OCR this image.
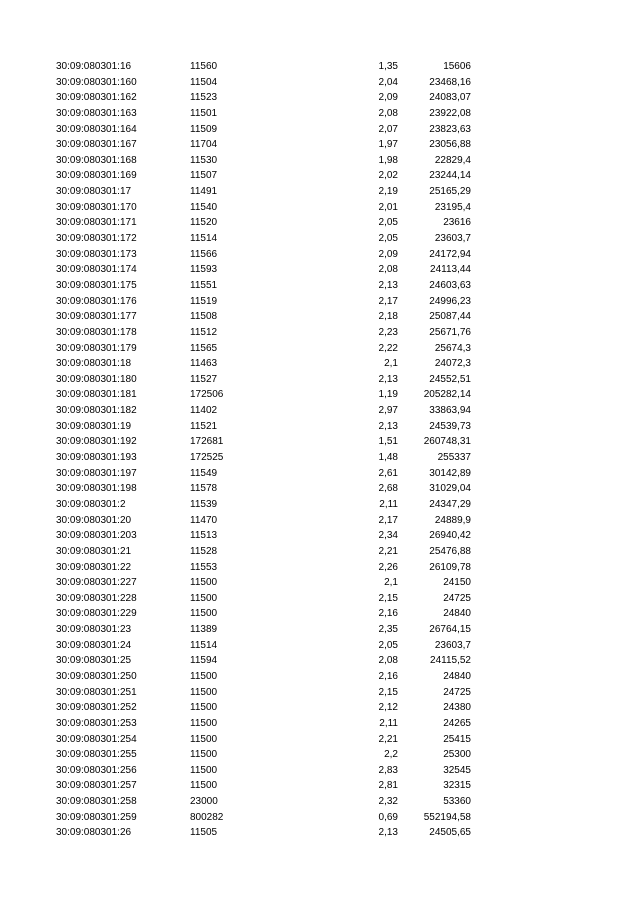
30:09:080301:16	11560	1,35	15606
30:09:080301:160	11504	2,04	23468,16
30:09:080301:162	11523	2,09	24083,07
30:09:080301:163	11501	2,08	23922,08
30:09:080301:164	11509	2,07	23823,63
30:09:080301:167	11704	1,97	23056,88
30:09:080301:168	11530	1,98	22829,4
30:09:080301:169	11507	2,02	23244,14
30:09:080301:17	11491	2,19	25165,29
30:09:080301:170	11540	2,01	23195,4
30:09:080301:171	11520	2,05	23616
30:09:080301:172	11514	2,05	23603,7
30:09:080301:173	11566	2,09	24172,94
30:09:080301:174	11593	2,08	24113,44
30:09:080301:175	11551	2,13	24603,63
30:09:080301:176	11519	2,17	24996,23
30:09:080301:177	11508	2,18	25087,44
30:09:080301:178	11512	2,23	25671,76
30:09:080301:179	11565	2,22	25674,3
30:09:080301:18	11463	2,1	24072,3
30:09:080301:180	11527	2,13	24552,51
30:09:080301:181	172506	1,19	205282,14
30:09:080301:182	11402	2,97	33863,94
30:09:080301:19	11521	2,13	24539,73
30:09:080301:192	172681	1,51	260748,31
30:09:080301:193	172525	1,48	255337
30:09:080301:197	11549	2,61	30142,89
30:09:080301:198	11578	2,68	31029,04
30:09:080301:2	11539	2,11	24347,29
30:09:080301:20	11470	2,17	24889,9
30:09:080301:203	11513	2,34	26940,42
30:09:080301:21	11528	2,21	25476,88
30:09:080301:22	11553	2,26	26109,78
30:09:080301:227	11500	2,1	24150
30:09:080301:228	11500	2,15	24725
30:09:080301:229	11500	2,16	24840
30:09:080301:23	11389	2,35	26764,15
30:09:080301:24	11514	2,05	23603,7
30:09:080301:25	11594	2,08	24115,52
30:09:080301:250	11500	2,16	24840
30:09:080301:251	11500	2,15	24725
30:09:080301:252	11500	2,12	24380
30:09:080301:253	11500	2,11	24265
30:09:080301:254	11500	2,21	25415
30:09:080301:255	11500	2,2	25300
30:09:080301:256	11500	2,83	32545
30:09:080301:257	11500	2,81	32315
30:09:080301:258	23000	2,32	53360
30:09:080301:259	800282	0,69	552194,58
30:09:080301:26	11505	2,13	24505,65
